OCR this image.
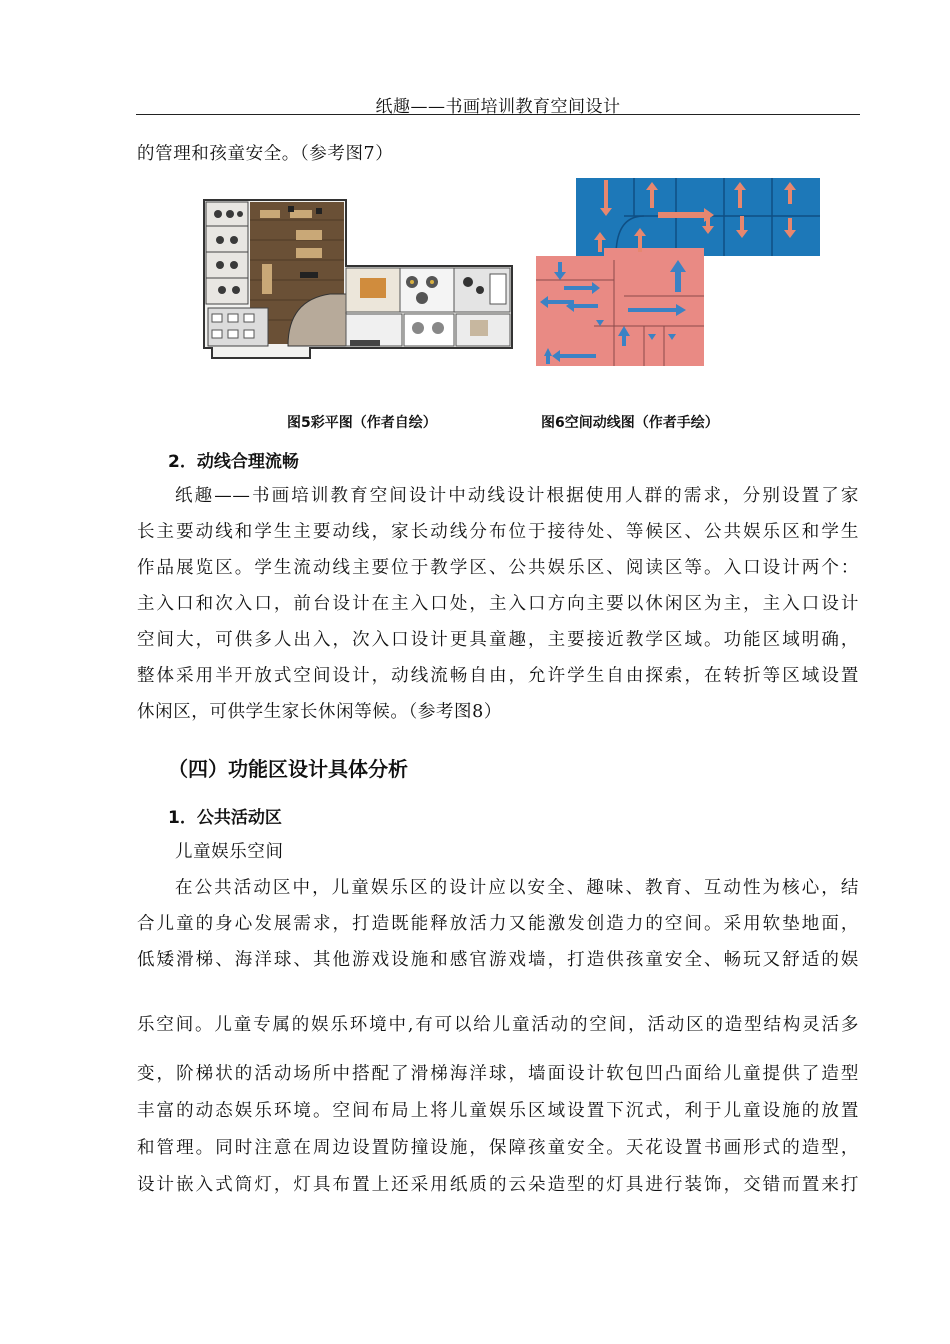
纸趣——书画培训教育空间设计
的管理和孩童安全。（参考图7）
图5彩平图（作者自绘）	图6空间动线图（作者手绘）
2．动线合理流畅
纸趣——书画培训教育空间设计中动线设计根据使用人群的需求，分别设置了家
长主要动线和学生主要动线，家长动线分布位于接待处、等候区、公共娱乐区和学生
作品展览区。学生流动线主要位于教学区、公共娱乐区、阅读区等。入口设计两个：
主入口和次入口，前台设计在主入口处，主入口方向主要以休闲区为主，主入口设计
空间大，可供多人出入，次入口设计更具童趣，主要接近教学区域。功能区域明确，
整体采用半开放式空间设计，动线流畅自由，允许学生自由探索，在转折等区域设置
休闲区，可供学生家长休闲等候。（参考图8）
（四）功能区设计具体分析
1．公共活动区
儿童娱乐空间
在公共活动区中，儿童娱乐区的设计应以安全、趣味、教育、互动性为核心，结
合儿童的身心发展需求，打造既能释放活力又能激发创造力的空间。采用软垫地面，
低矮滑梯、海洋球、其他游戏设施和感官游戏墙，打造供孩童安全、畅玩又舒适的娱
乐空间。儿童专属的娱乐环境中,有可以给儿童活动的空间，活动区的造型结构灵活多
变，阶梯状的活动场所中搭配了滑梯海洋球，墙面设计软包凹凸面给儿童提供了造型
丰富的动态娱乐环境。空间布局上将儿童娱乐区域设置下沉式，利于儿童设施的放置
和管理。同时注意在周边设置防撞设施，保障孩童安全。天花设置书画形式的造型，
设计嵌入式筒灯，灯具布置上还采用纸质的云朵造型的灯具进行装饰，交错而置来打
